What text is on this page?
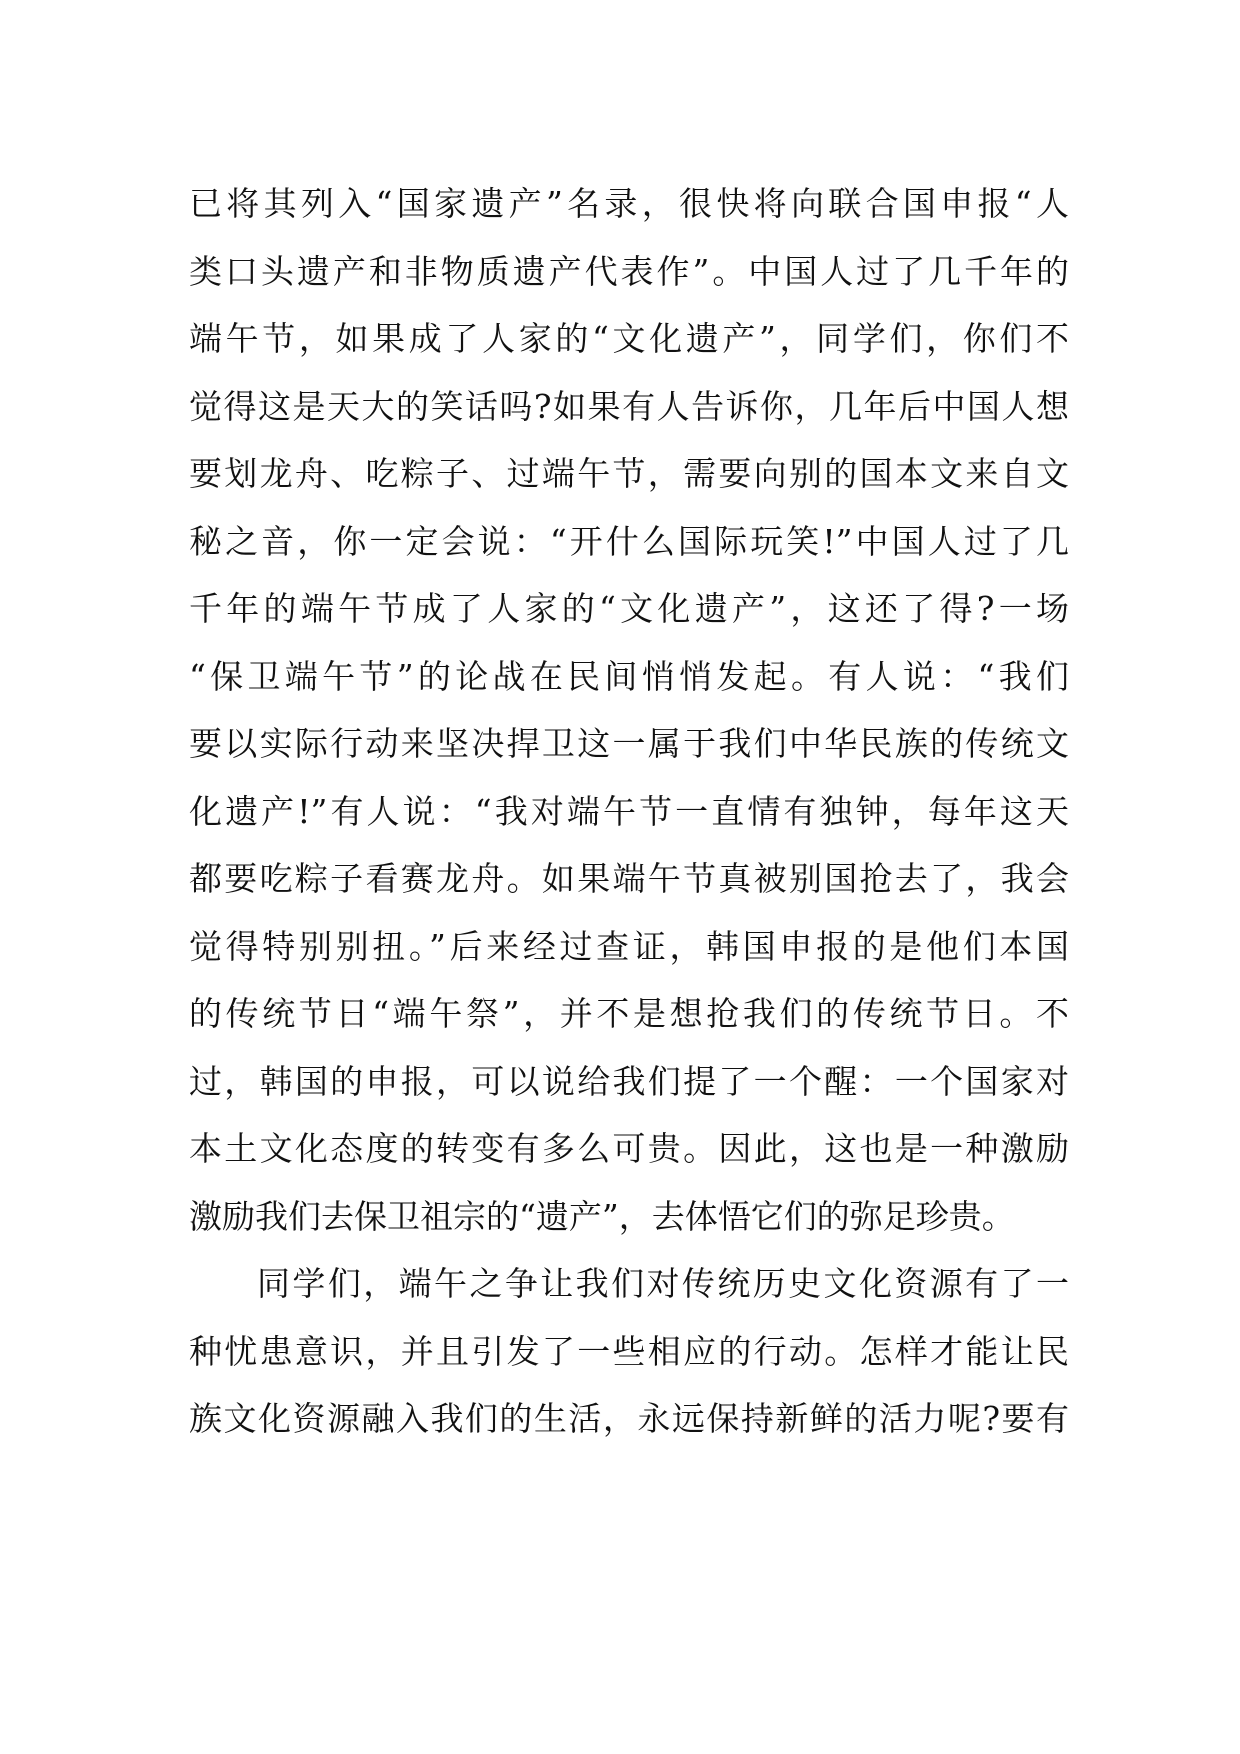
已将其列入“国家遗产”名录，很快将向联合国申报“人
类口头遗产和非物质遗产代表作”。中国人过了几千年的
端午节，如果成了人家的“文化遗产”，同学们，你们不
觉得这是天大的笑话吗?如果有人告诉你，几年后中国人想
要划龙舟、吃粽子、过端午节，需要向别的国本文来自文
秘之音，你一定会说：“开什么国际玩笑!”中国人过了几
千年的端午节成了人家的“文化遗产”，这还了得?一场
“保卫端午节”的论战在民间悄悄发起。有人说：“我们
要以实际行动来坚决捍卫这一属于我们中华民族的传统文
化遗产!”有人说：“我对端午节一直情有独钟，每年这天
都要吃粽子看赛龙舟。如果端午节真被别国抢去了，我会
觉得特别别扭。”后来经过查证，韩国申报的是他们本国
的传统节日“端午祭”，并不是想抢我们的传统节日。不
过，韩国的申报，可以说给我们提了一个醒：一个国家对
本土文化态度的转变有多么可贵。因此，这也是一种激励
激励我们去保卫祖宗的“遗产”，去体悟它们的弥足珍贵。
同学们，端午之争让我们对传统历史文化资源有了一
种忧患意识，并且引发了一些相应的行动。怎样才能让民
族文化资源融入我们的生活，永远保持新鲜的活力呢?要有
